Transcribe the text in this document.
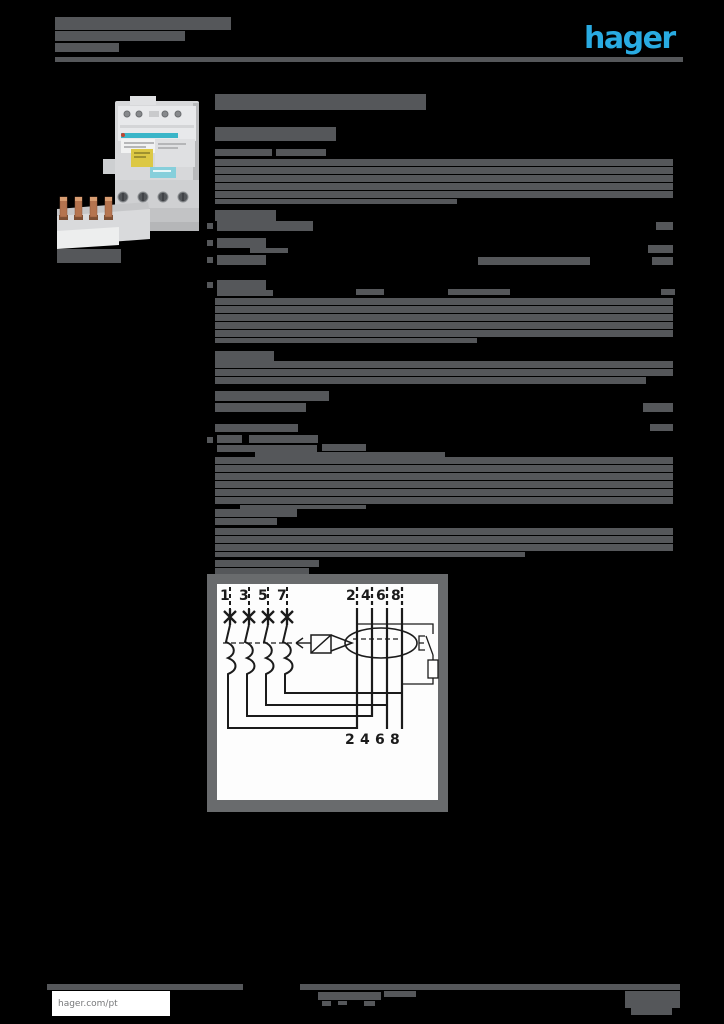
hager
1 3 5 7	2 4 6 8
2 4 6 8
hager.com/pt
